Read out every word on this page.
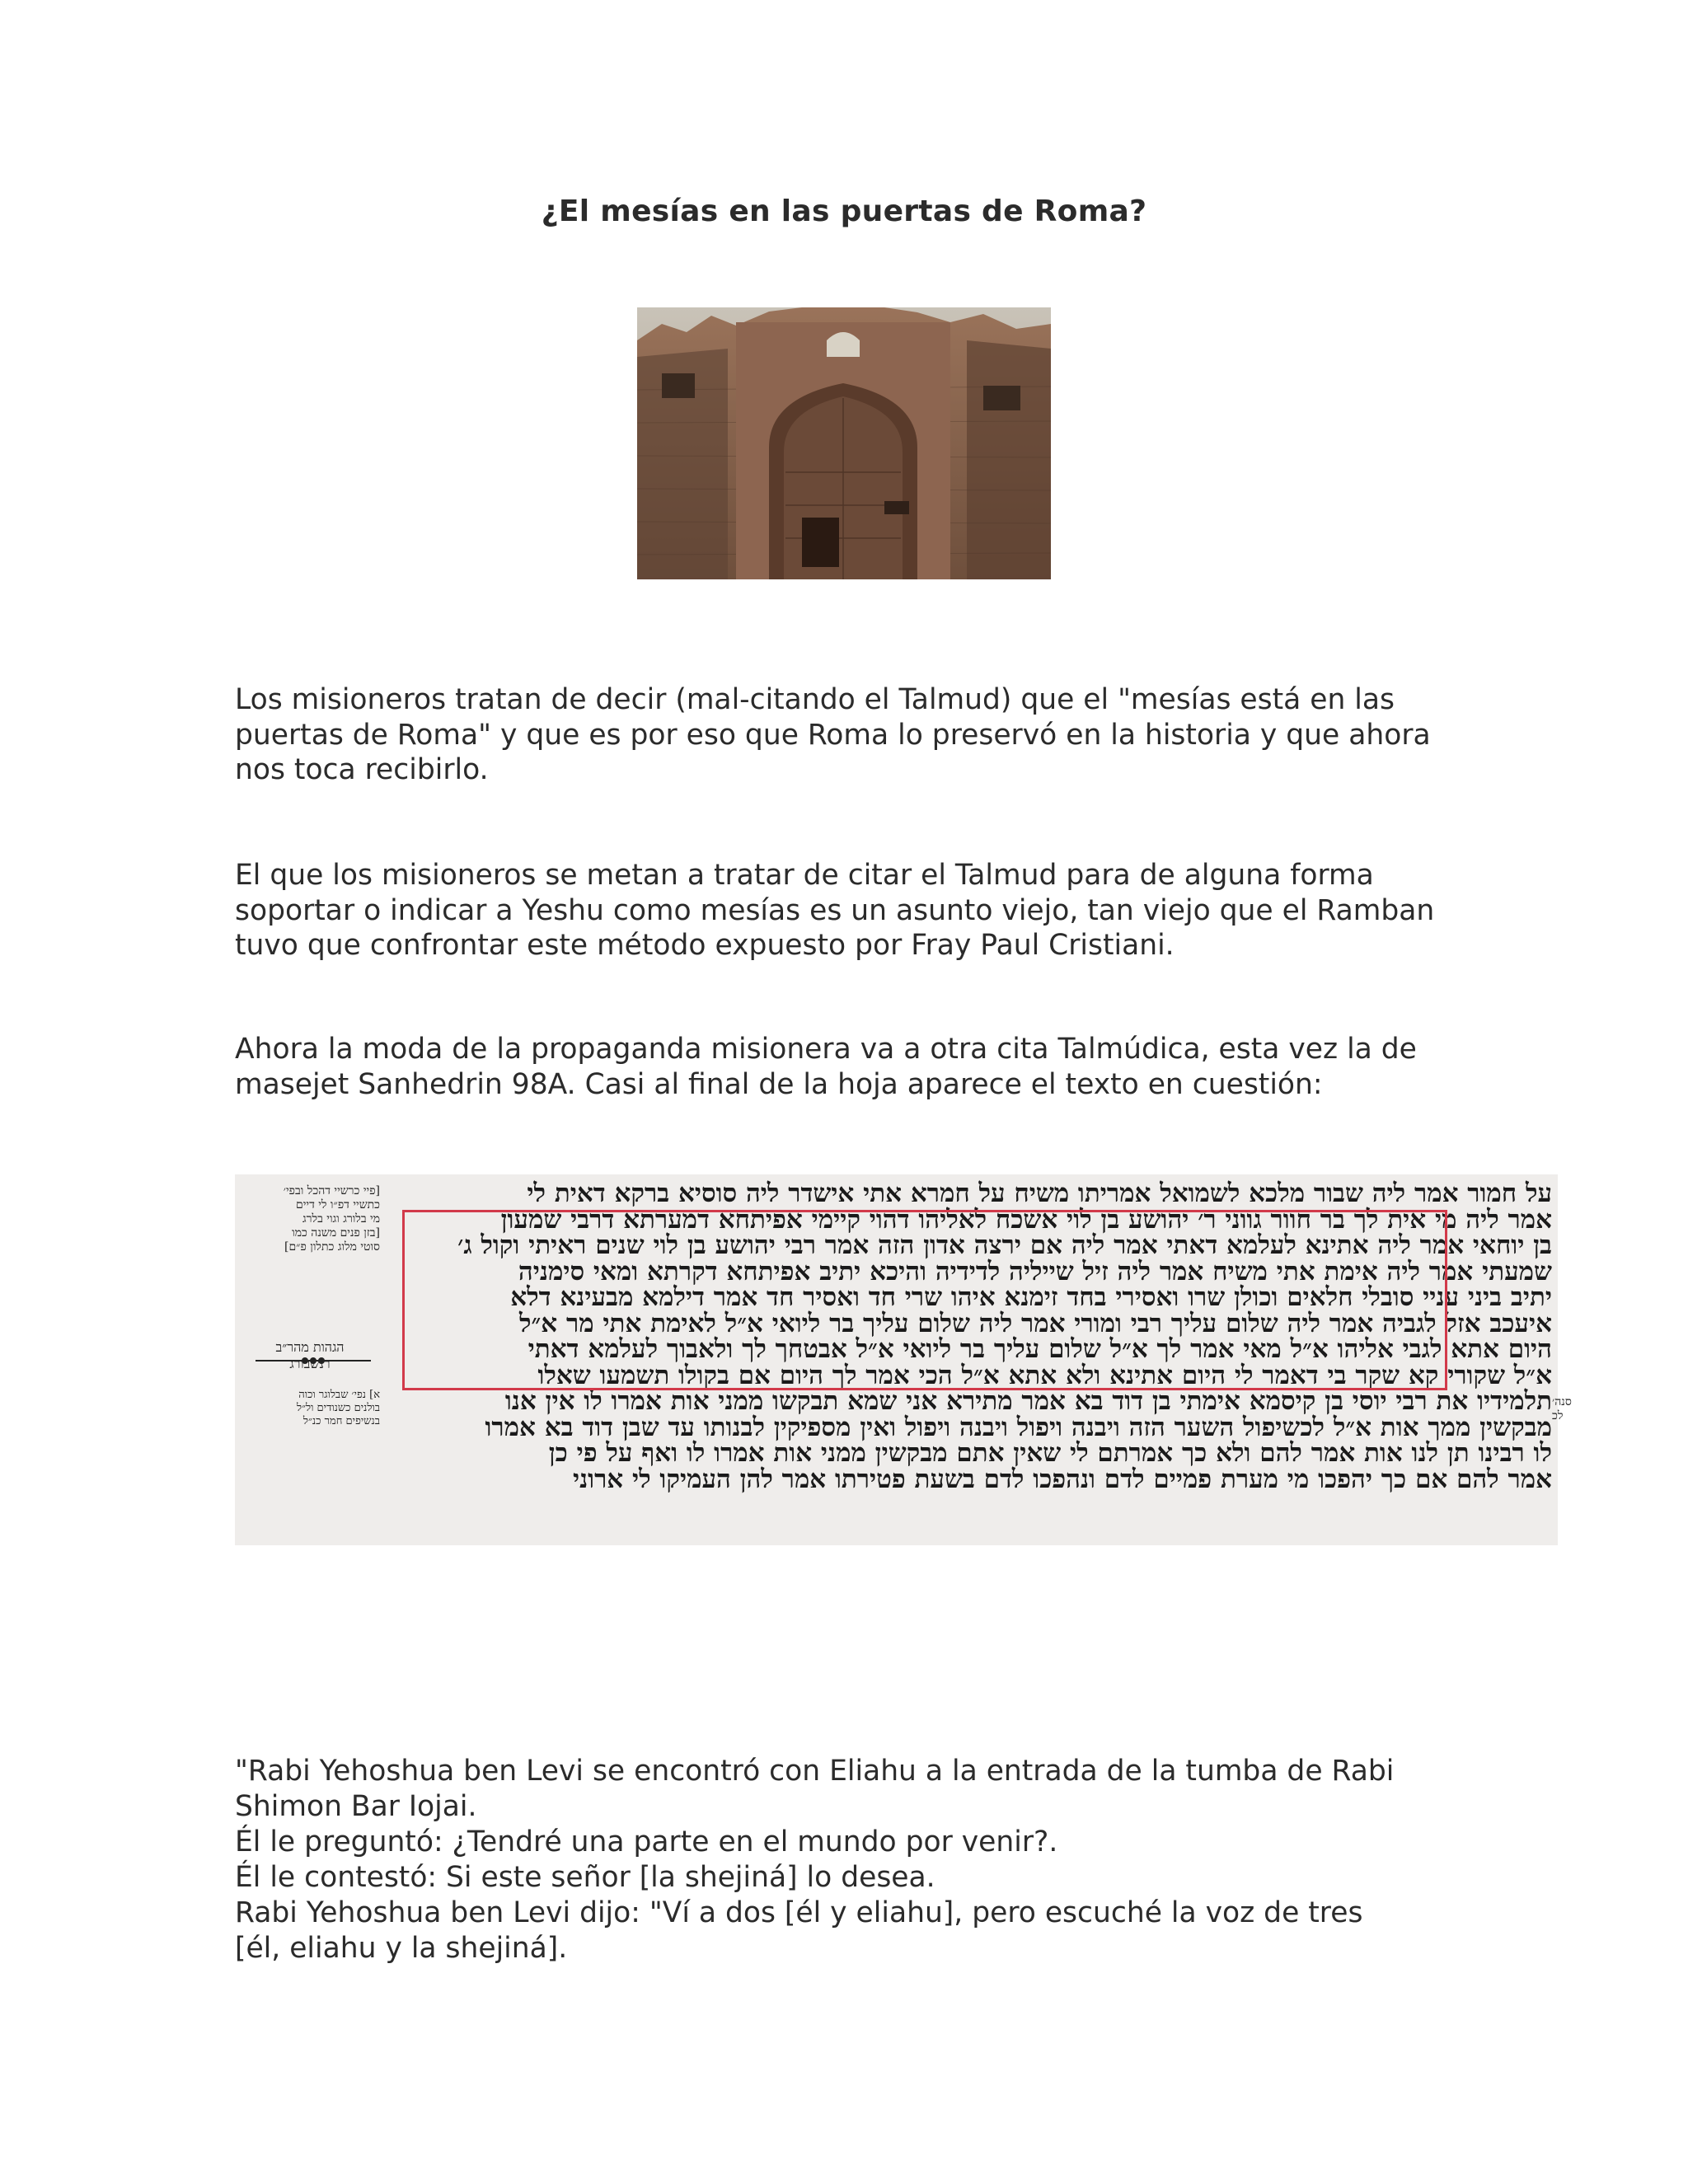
¿El mesías en las puertas de Roma?

Los misioneros tratan de decir (mal-citando el Talmud) que el "mesías está en las puertas de Roma" y que es por eso que Roma lo preservó en la historia y que ahora nos toca recibirlo.

El que los misioneros se metan a tratar de citar el Talmud para de alguna forma soportar o indicar a Yeshu como mesías es un asunto viejo, tan viejo que el Ramban tuvo que confrontar este método expuesto por Fray Paul Cristiani.

Ahora la moda de la propaganda misionera va a otra cita Talmúdica, esta vez la de masejet Sanhedrin 98A. Casi al final de la hoja aparece el texto en cuestión:

[פיי כרשיי דהכל ובפי׳
כתשיי דפ״ו לי דיים
מי בלורג וגוי בלרג
[בזן פנים משנה כמו
סוטי מלוג כתלון פ״ם]
הגהות מהר״ב
רנשבורג
א] נפי׳ שבלוגר וכוה
בולנים כשנודים ול״ל
בנשיפים חמר כנ״ל
סנה׳ לכ
על חמור אמר ליה שבור מלכא לשמואל אמריתו משיח על חמרא אתי אישדר ליה סוסיא ברקא דאית לי
אמר ליה מי אית לך בר חוור גווני ר׳ יהושע בן לוי אשכח לאליהו דהוי קיימי אפיתחא דמערתא דרבי שמעון
בן יוחאי אמר ליה אתינא לעלמא דאתי אמר ליה אם ירצה אדון הזה אמר רבי יהושע בן לוי שנים ראיתי וקול ג׳
שמעתי אמר ליה אימת אתי משיח אמר ליה זיל שייליה לדידיה והיכא יתיב אפיתחא דקרתא ומאי סימניה
יתיב ביני עניי סובלי חלאים וכולן שרו ואסירי בחד זימנא איהו שרי חד ואסיר חד אמר דילמא מבעינא דלא
איעכב אזל לגביה אמר ליה שלום עליך רבי ומורי אמר ליה שלום עליך בר ליואי א״ל לאימת אתי מר א״ל
היום אתא לגבי אליהו א״ל מאי אמר לך א״ל שלום עליך בר ליואי א״ל אבטחך לך ולאבוך לעלמא דאתי
א״ל שקורי קא שקר בי דאמר לי היום אתינא ולא אתא א״ל הכי אמר לך היום אם בקולו תשמעו שאלו
תלמידיו את רבי יוסי בן קיסמא אימתי בן דוד בא אמר מתירא אני שמא תבקשו ממני אות אמרו לו אין אנו
מבקשין ממך אות א״ל לכשיפול השער הזה ויבנה ויפול ויבנה ויפול ואין מספיקין לבנותו עד שבן דוד בא אמרו
לו רבינו תן לנו אות אמר להם ולא כך אמרתם לי שאין אתם מבקשין ממני אות אמרו לו ואף על פי כן
אמר להם אם כך יהפכו מי מערת פמיים לדם ונהפכו לדם בשעת פטירתו אמר להן העמיקו לי ארוני
"Rabi Yehoshua ben Levi se encontró con Eliahu a la entrada de la tumba de Rabi
Shimon Bar Iojai.
Él le preguntó: ¿Tendré una parte en el mundo por venir?.
Él le contestó: Si este señor [la shejiná] lo desea.
Rabi Yehoshua ben Levi dijo: "Ví a dos [él y eliahu], pero escuché la voz de tres
[él, eliahu y la shejiná].
